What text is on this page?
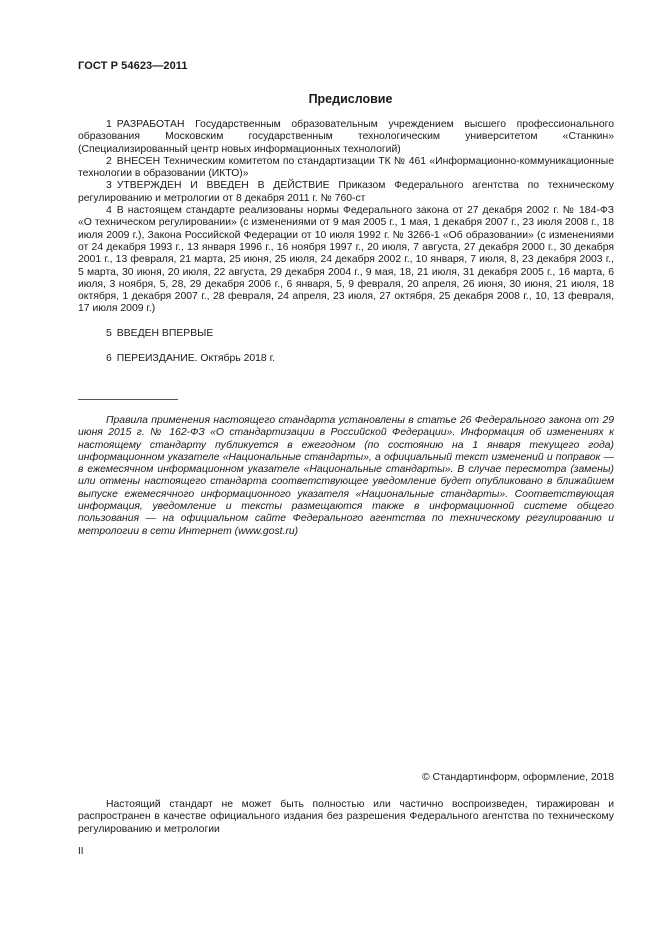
ГОСТ Р 54623—2011
Предисловие

1 РАЗРАБОТАН Государственным образовательным учреждением высшего профессионального образования Московским государственным технологическим университетом «Станкин» (Специализированный центр новых информационных технологий)

2 ВНЕСЕН Техническим комитетом по стандартизации ТК № 461 «Информационно-коммуникационные технологии в образовании (ИКТО)»

3 УТВЕРЖДЕН И ВВЕДЕН В ДЕЙСТВИЕ Приказом Федерального агентства по техническому регулированию и метрологии от 8 декабря 2011 г. № 760-ст

4 В настоящем стандарте реализованы нормы Федерального закона от 27 декабря 2002 г. № 184-ФЗ «О техническом регулировании» (с изменениями от 9 мая 2005 г., 1 мая, 1 декабря 2007 г., 23 июля 2008 г., 18 июля 2009 г.), Закона Российской Федерации от 10 июля 1992 г. № 3266-1 «Об образовании» (с изменениями от 24 декабря 1993 г., 13 января 1996 г., 16 ноября 1997 г., 20 июля, 7 августа, 27 декабря 2000 г., 30 декабря 2001 г., 13 февраля, 21 марта, 25 июня, 25 июля, 24 декабря 2002 г., 10 января, 7 июля, 8, 23 декабря 2003 г., 5 марта, 30 июня, 20 июля, 22 августа, 29 декабря 2004 г., 9 мая, 18, 21 июля, 31 декабря 2005 г., 16 марта, 6 июля, 3 ноября, 5, 28, 29 декабря 2006 г., 6 января, 5, 9 февраля, 20 апреля, 26 июня, 30 июня, 21 июля, 18 октября, 1 декабря 2007 г., 28 февраля, 24 апреля, 23 июля, 27 октября, 25 декабря 2008 г., 10, 13 февраля, 17 июля 2009 г.)

5 ВВЕДЕН ВПЕРВЫЕ

6 ПЕРЕИЗДАНИЕ. Октябрь 2018 г.

Правила применения настоящего стандарта установлены в статье 26 Федерального закона от 29 июня 2015 г. № 162-ФЗ «О стандартизации в Российской Федерации». Информация об изменениях к настоящему стандарту публикуется в ежегодном (по состоянию на 1 января текущего года) информационном указателе «Национальные стандарты», а официальный текст изменений и поправок — в ежемесячном информационном указателе «Национальные стандарты». В случае пересмотра (замены) или отмены настоящего стандарта соответствующее уведомление будет опубликовано в ближайшем выпуске ежемесячного информационного указателя «Национальные стандарты». Соответствующая информация, уведомление и тексты размещаются также в информационной системе общего пользования — на официальном сайте Федерального агентства по техническому регулированию и метрологии в сети Интернет (www.gost.ru)

© Стандартинформ, оформление, 2018

Настоящий стандарт не может быть полностью или частично воспроизведен, тиражирован и распространен в качестве официального издания без разрешения Федерального агентства по техническому регулированию и метрологии

II
